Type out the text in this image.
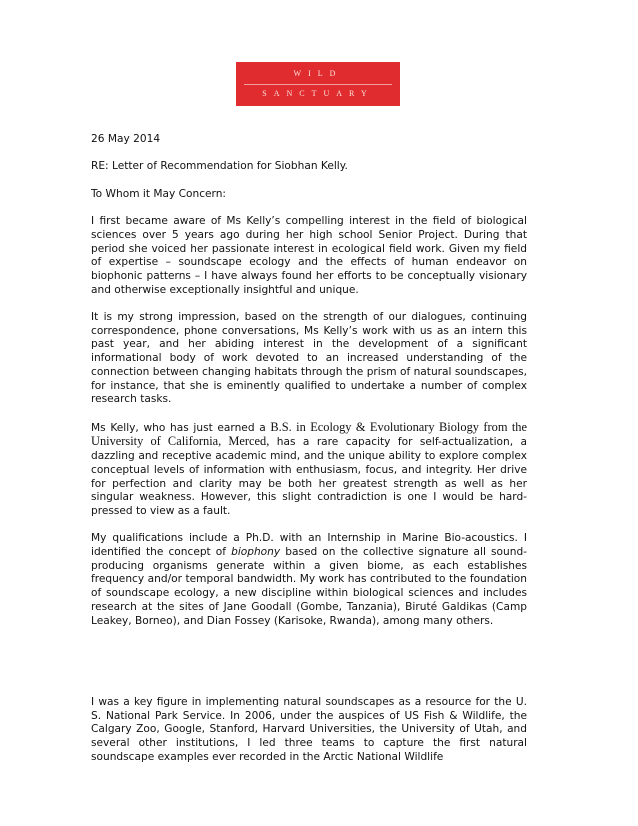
WILD
SANCTUARY

26 May 2014

RE: Letter of Recommendation for Siobhan Kelly.

To Whom it May Concern:

I first became aware of Ms Kelly’s compelling interest in the field of biological sciences over 5 years ago during her high school Senior Project. During that period she voiced her passionate interest in ecological field work. Given my field of expertise – soundscape ecology and the effects of human endeavor on biophonic patterns – I have always found her efforts to be conceptually visionary and otherwise exceptionally insightful and unique.

It is my strong impression, based on the strength of our dialogues, continuing correspondence, phone conversations, Ms Kelly’s work with us as an intern this past year, and her abiding interest in the development of a significant informational body of work devoted to an increased understanding of the connection between changing habitats through the prism of natural soundscapes, for instance, that she is eminently qualified to undertake a number of complex research tasks.

Ms Kelly, who has just earned a B.S. in Ecology & Evolutionary Biology from the University of California, Merced, has a rare capacity for self-actualization, a dazzling and receptive academic mind, and the unique ability to explore complex conceptual levels of information with enthusiasm, focus, and integrity. Her drive for perfection and clarity may be both her greatest strength as well as her singular weakness. However, this slight contradiction is one I would be hard-pressed to view as a fault.

My qualifications include a Ph.D. with an Internship in Marine Bio-acoustics. I identified the concept of biophony based on the collective signature all sound-producing organisms generate within a given biome, as each establishes frequency and/or temporal bandwidth. My work has contributed to the foundation of soundscape ecology, a new discipline within biological sciences and includes research at the sites of Jane Goodall (Gombe, Tanzania), Biruté Galdikas (Camp Leakey, Borneo), and Dian Fossey (Karisoke, Rwanda), among many others.

I was a key figure in implementing natural soundscapes as a resource for the U. S. National Park Service. In 2006, under the auspices of US Fish & Wildlife, the Calgary Zoo, Google, Stanford, Harvard Universities, the University of Utah, and several other institutions, I led three teams to capture the first natural soundscape examples ever recorded in the Arctic National Wildlife
